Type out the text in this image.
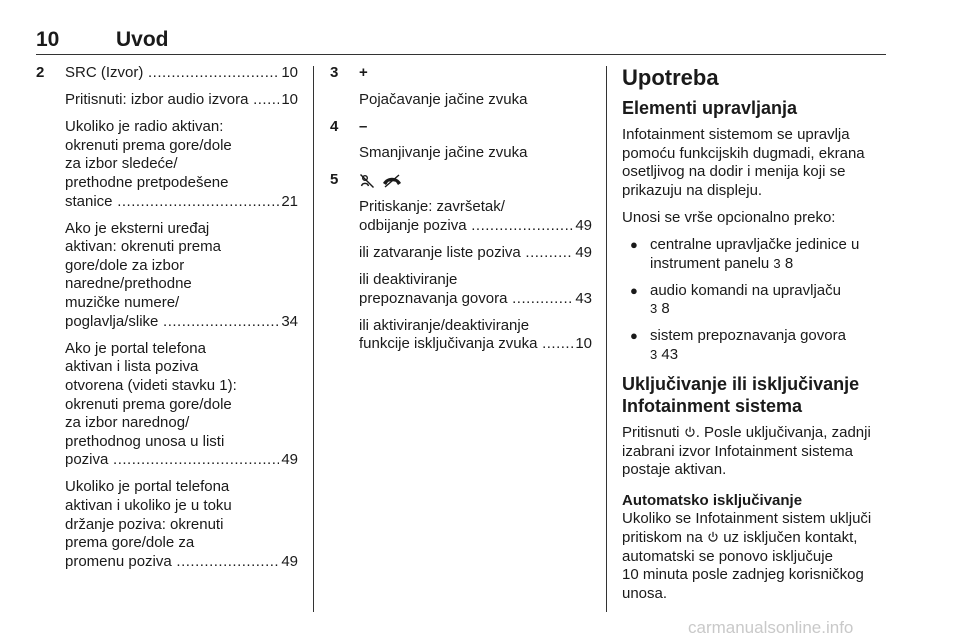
10	Uvod
2 SRC (Izvor) .....	10
Pritisnuti: izbor audio izvora .....	10
Ukoliko je radio aktivan:
okrenuti prema gore/dole
za izbor sledeće/
prethodne pretpodešene
stanice .....	21
Ako je eksterni uređaj
aktivan: okrenuti prema
gore/dole za izbor
naredne/prethodne
muzičke numere/
poglavlja/slike .....	34
Ako je portal telefona
aktivan i lista poziva
otvorena (videti stavku 1):
okrenuti prema gore/dole
za izbor narednog/
prethodnog unosa u listi
poziva .....	49
Ukoliko je portal telefona
aktivan i ukoliko je u toku
držanje poziva: okrenuti
prema gore/dole za
promenu poziva .....	49
3 +
Pojačavanje jačine zvuka
4 –
Smanjivanje jačine zvuka
5
Pritiskanje: završetak/
odbijanje poziva .....	49
ili zatvaranje liste poziva .....	49
ili deaktiviranje
prepoznavanja govora .....	43
ili aktiviranje/deaktiviranje
funkcije isključivanja zvuka .....	10
Upotreba
Elementi upravljanja
Infotainment sistemom se upravlja
pomoću funkcijskih dugmadi, ekrana
osetljivog na dodir i menija koji se
prikazuju na displeju.
Unosi se vrše opcionalno preko:
● centralne upravljačke jedinice u
instrument panelu 3 8
● audio komandi na upravljaču
3 8
● sistem prepoznavanja govora
3 43
Uključivanje ili isključivanje
Infotainment sistema
Pritisnuti . Posle uključivanja, zadnji
izabrani izvor Infotainment sistema
postaje aktivan.
Automatsko isključivanje
Ukoliko se Infotainment sistem uključi
pritiskom na uz isključen kontakt,
automatski se ponovo isključuje
10 minuta posle zadnjeg korisničkog
unosa.
carmanualsonline.info
